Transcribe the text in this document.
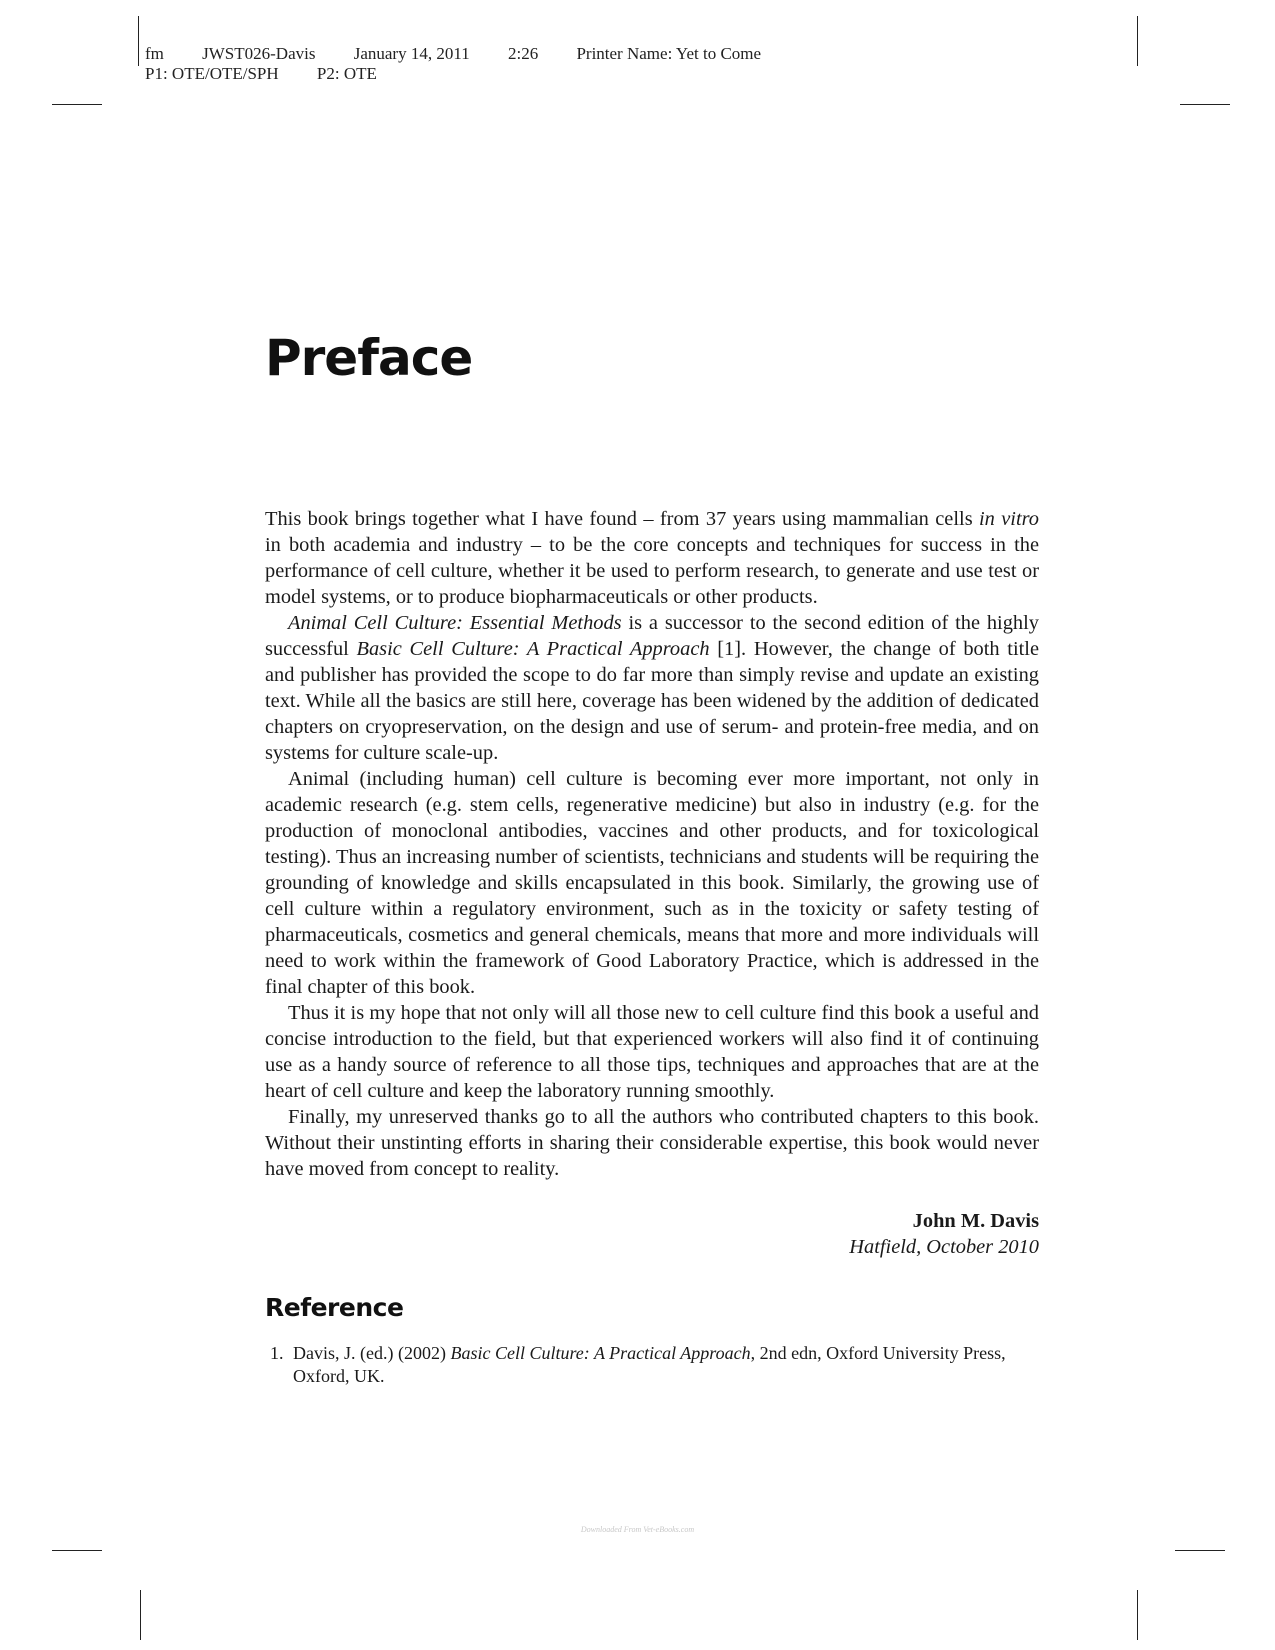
fm JWST026-Davis January 14, 2011 2:26 Printer Name: Yet to Come
P1: OTE/OTE/SPH P2: OTE
Preface

This book brings together what I have found – from 37 years using mammalian cells in vitro in both academia and industry – to be the core concepts and techniques for success in the performance of cell culture, whether it be used to perform research, to generate and use test or model systems, or to produce biopharmaceuticals or other products.

Animal Cell Culture: Essential Methods is a successor to the second edition of the highly successful Basic Cell Culture: A Practical Approach [1]. However, the change of both title and publisher has provided the scope to do far more than simply revise and update an existing text. While all the basics are still here, coverage has been widened by the addition of dedicated chapters on cryopreservation, on the design and use of serum- and protein-free media, and on systems for culture scale-up.

Animal (including human) cell culture is becoming ever more important, not only in academic research (e.g. stem cells, regenerative medicine) but also in industry (e.g. for the production of monoclonal antibodies, vaccines and other products, and for toxicological testing). Thus an increasing number of scientists, technicians and students will be requiring the grounding of knowledge and skills encapsulated in this book. Similarly, the growing use of cell culture within a regulatory environment, such as in the toxicity or safety testing of pharmaceuticals, cosmetics and general chemicals, means that more and more individuals will need to work within the framework of Good Laboratory Practice, which is addressed in the final chapter of this book.

Thus it is my hope that not only will all those new to cell culture find this book a useful and concise introduction to the field, but that experienced workers will also find it of continuing use as a handy source of reference to all those tips, techniques and approaches that are at the heart of cell culture and keep the laboratory running smoothly.

Finally, my unreserved thanks go to all the authors who contributed chapters to this book. Without their unstinting efforts in sharing their considerable expertise, this book would never have moved from concept to reality.

John M. Davis
Hatfield, October 2010
Reference
1. Davis, J. (ed.) (2002) Basic Cell Culture: A Practical Approach, 2nd edn, Oxford University Press, Oxford, UK.
Downloaded From Vet-eBooks.com
